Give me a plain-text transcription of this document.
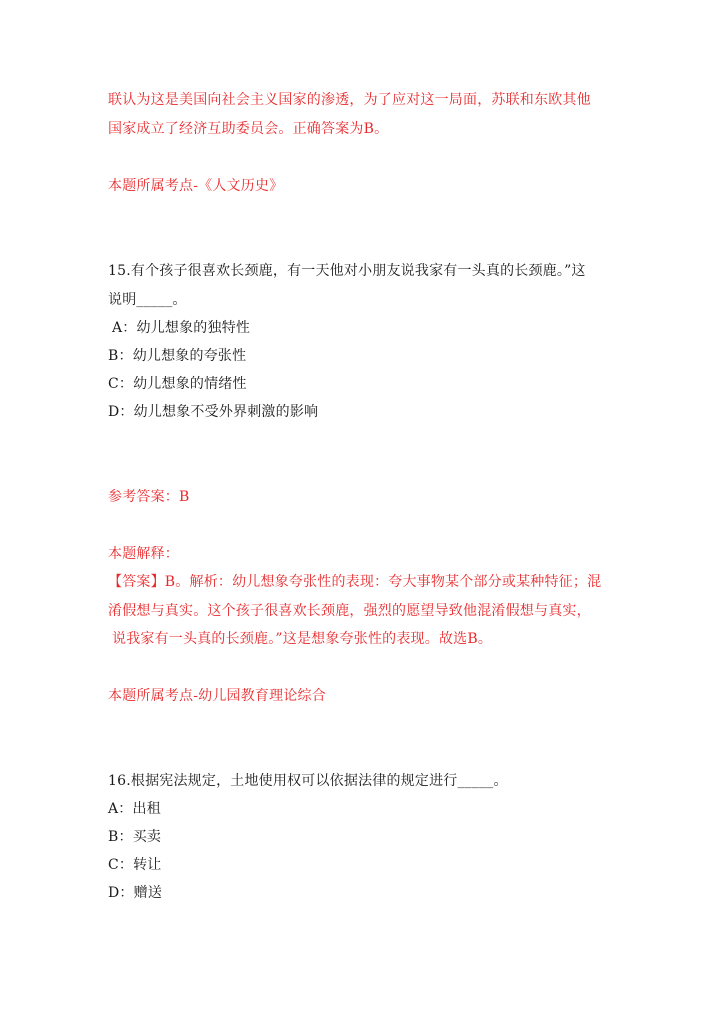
联认为这是美国向社会主义国家的渗透，为了应对这一局面，苏联和东欧其他
国家成立了经济互助委员会。正确答案为B。
本题所属考点-《人文历史》
15.有个孩子很喜欢长颈鹿，有一天他对小朋友说我家有一头真的长颈鹿。”这
说明_____。
A：幼儿想象的独特性
B：幼儿想象的夸张性
C：幼儿想象的情绪性
D：幼儿想象不受外界刺激的影响
参考答案：B
本题解释：
【答案】B。解析：幼儿想象夸张性的表现：夸大事物某个部分或某种特征；混
淆假想与真实。这个孩子很喜欢长颈鹿，强烈的愿望导致他混淆假想与真实，
说我家有一头真的长颈鹿。”这是想象夸张性的表现。故选B。
本题所属考点-幼儿园教育理论综合
16.根据宪法规定，土地使用权可以依据法律的规定进行_____。
A：出租
B：买卖
C：转让
D：赠送
